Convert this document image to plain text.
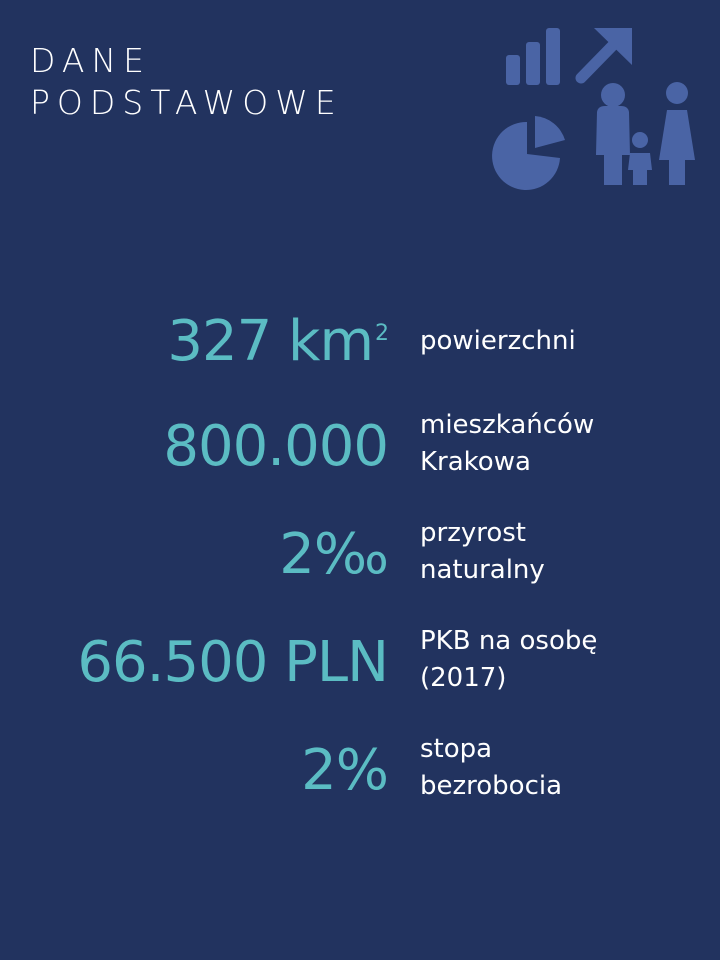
DANE
PODSTAWOWE
327 $km^2$ powierzchni
800.000 mieszkańców
Krakowa
2‰ przyrost
naturalny
66.500 PLN PKB na osobę
(2017)
2% stopa
bezrobocia
